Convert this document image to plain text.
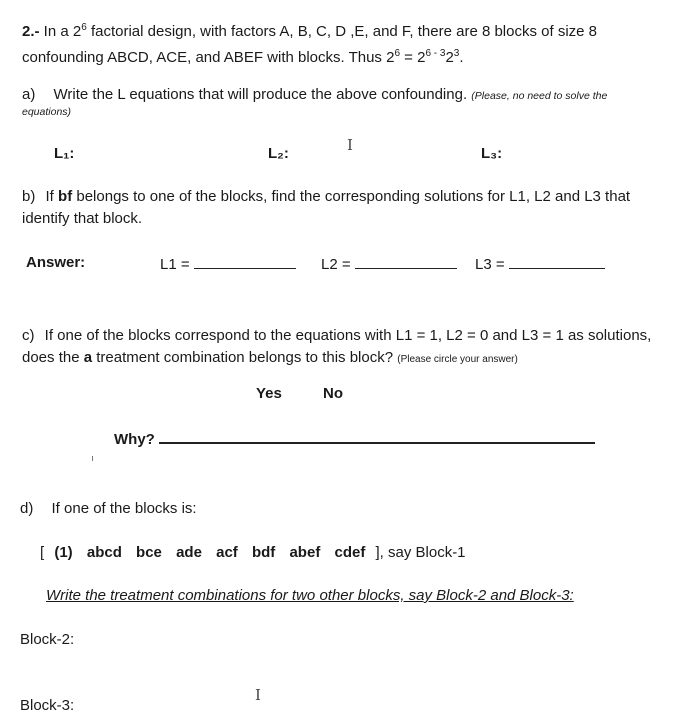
2.- In a $2^6$ factorial design, with factors A, B, C, D ,E, and F, there are 8 blocks of size 8 confounding ABCD, ACE, and ABEF with blocks. Thus $2^6 = 2^{6 - 3}2^3$.
a) Write the L equations that will produce the above confounding. (Please, no need to solve the
equations)
L₁:	L₂:	L₃:
I
b) If bf belongs to one of the blocks, find the corresponding solutions for L1, L2 and L3 that identify that block.
Answer:	L1 =	L2 =	L3 =
c) If one of the blocks correspond to the equations with L1 = 1, L2 = 0 and L3 = 1 as solutions, does the a treatment combination belongs to this block? (Please circle your answer)
Yes	No
Why?
d) If one of the blocks is:
[ (1) abcd bce ade acf bdf abef cdef ], say Block-1
Write the treatment combinations for two other blocks, say Block-2 and Block-3:
Block-2:
I
Block-3:
